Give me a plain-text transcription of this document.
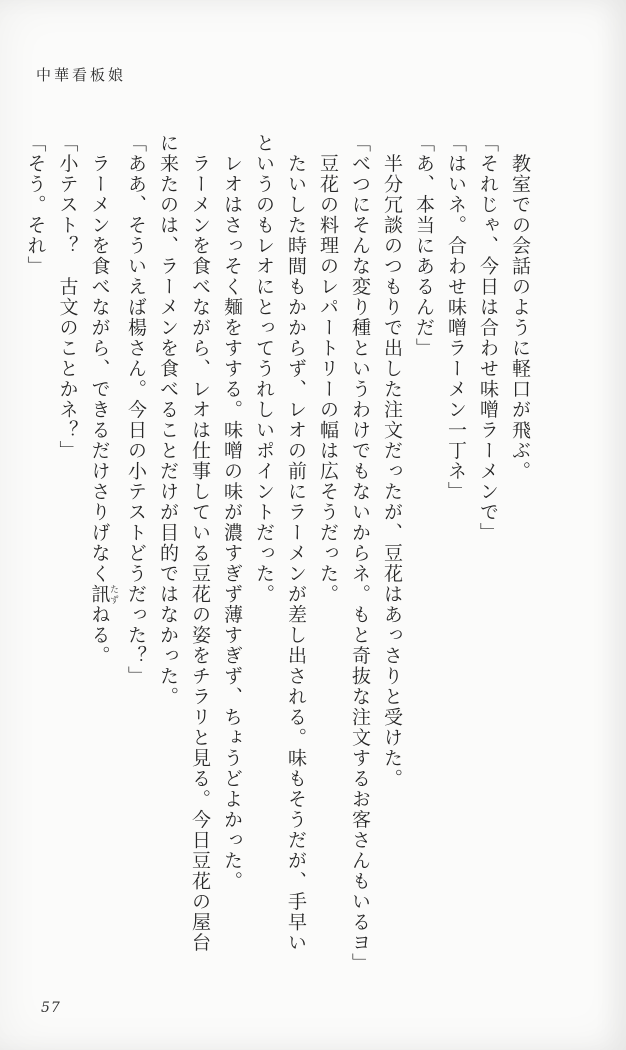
中華看板娘
　教室での会話のように軽口が飛ぶ。
「それじゃ、今日は合わせ味噌ラーメンで」
「はいネ。合わせ味噌ラーメン一丁ネ」
「あ、本当にあるんだ」
　半分冗談のつもりで出した注文だったが、豆花はあっさりと受けた。
「べつにそんな変り種というわけでもないからネ。もと奇抜な注文するお客さんもいるヨ」
　豆花の料理のレパートリーの幅は広そうだった。
　たいした時間もかからず、レオの前にラーメンが差し出される。味もそうだが、手早い
というのもレオにとってうれしいポイントだった。
　レオはさっそく麺をすする。味噌の味が濃すぎず薄すぎず、ちょうどよかった。
　ラーメンを食べながら、レオは仕事している豆花の姿をチラリと見る。今日豆花の屋台
に来たのは、ラーメンを食べることだけが目的ではなかった。
「ああ、そういえば楊さん。今日の小テストどうだった？」
　ラーメンを食べながら、できるだけさりげなく訊 たずねる。
「小テスト？　古文のことかネ？」
「そう。それ」
57
